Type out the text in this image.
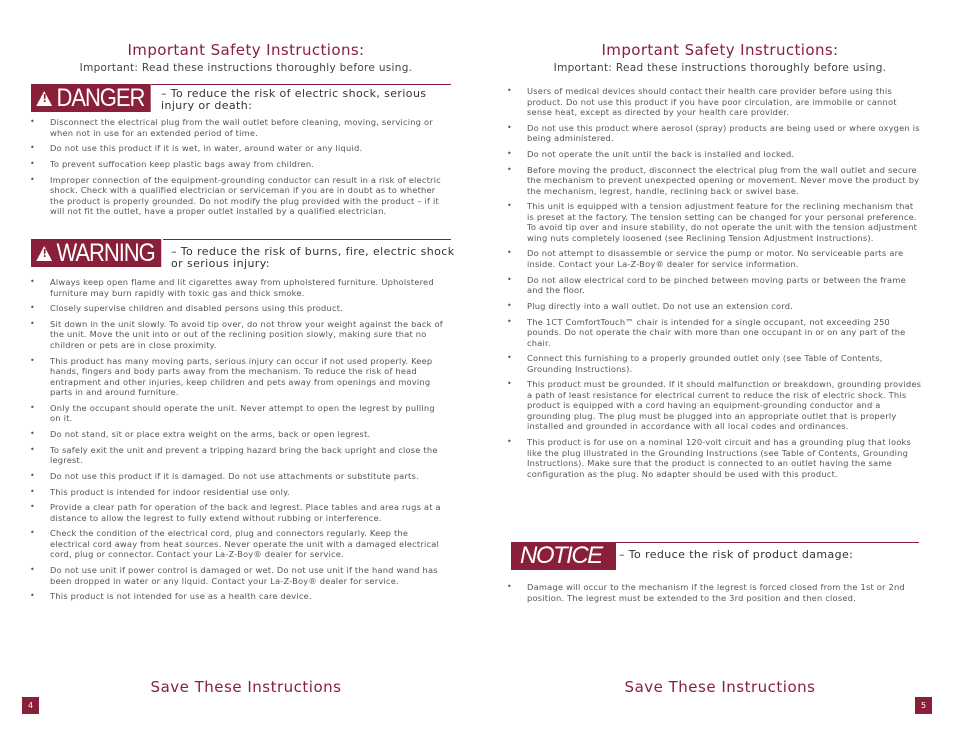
Important Safety Instructions:
Important: Read these instructions thoroughly before using.
!
DANGER – To reduce the risk of electric shock, serious injury or death:
• Disconnect the electrical plug from the wall outlet before cleaning, moving, servicing or when not in use for an extended period of time.
• Do not use this product if it is wet, in water, around water or any liquid.
• To prevent suffocation keep plastic bags away from children.
• Improper connection of the equipment-grounding conductor can result in a risk of electric shock. Check with a qualified electrician or serviceman if you are in doubt as to whether the product is properly grounded. Do not modify the plug provided with the product – if it will not fit the outlet, have a proper outlet installed by a qualified electrician.
!
WARNING – To reduce the risk of burns, fire, electric shock or serious injury:
• Always keep open flame and lit cigarettes away from upholstered furniture. Upholstered furniture may burn rapidly with toxic gas and thick smoke.
• Closely supervise children and disabled persons using this product.
• Sit down in the unit slowly. To avoid tip over, do not throw your weight against the back of the unit. Move the unit into or out of the reclining position slowly, making sure that no children or pets are in close proximity.
• This product has many moving parts, serious injury can occur if not used properly. Keep hands, fingers and body parts away from the mechanism. To reduce the risk of head entrapment and other injuries, keep children and pets away from openings and moving parts in and around furniture.
• Only the occupant should operate the unit. Never attempt to open the legrest by pulling on it.
• Do not stand, sit or place extra weight on the arms, back or open legrest.
• To safely exit the unit and prevent a tripping hazard bring the back upright and close the legrest.
• Do not use this product if it is damaged. Do not use attachments or substitute parts.
• This product is intended for indoor residential use only.
• Provide a clear path for operation of the back and legrest. Place tables and area rugs at a distance to allow the legrest to fully extend without rubbing or interference.
• Check the condition of the electrical cord, plug and connectors regularly. Keep the electrical cord away from heat sources. Never operate the unit with a damaged electrical cord, plug or connector. Contact your La-Z-Boy® dealer for service.
• Do not use unit if power control is damaged or wet. Do not use unit if the hand wand has been dropped in water or any liquid. Contact your La-Z-Boy® dealer for service.
• This product is not intended for use as a health care device.
Save These Instructions
4
Important Safety Instructions:
Important: Read these instructions thoroughly before using.
• Users of medical devices should contact their health care provider before using this product. Do not use this product if you have poor circulation, are immobile or cannot sense heat, except as directed by your health care provider.
• Do not use this product where aerosol (spray) products are being used or where oxygen is being administered.
• Do not operate the unit until the back is installed and locked.
• Before moving the product, disconnect the electrical plug from the wall outlet and secure the mechanism to prevent unexpected opening or movement. Never move the product by the mechanism, legrest, handle, reclining back or swivel base.
• This unit is equipped with a tension adjustment feature for the reclining mechanism that is preset at the factory. The tension setting can be changed for your personal preference. To avoid tip over and insure stability, do not operate the unit with the tension adjustment wing nuts completely loosened (see Reclining Tension Adjustment Instructions).
• Do not attempt to disassemble or service the pump or motor. No serviceable parts are inside. Contact your La-Z-Boy® dealer for service information.
• Do not allow electrical cord to be pinched between moving parts or between the frame and the floor.
• Plug directly into a wall outlet. Do not use an extension cord.
• The 1CT ComfortTouch™ chair is intended for a single occupant, not exceeding 250 pounds. Do not operate the chair with more than one occupant in or on any part of the chair.
• Connect this furnishing to a properly grounded outlet only (see Table of Contents, Grounding Instructions).
• This product must be grounded. If it should malfunction or breakdown, grounding provides a path of least resistance for electrical current to reduce the risk of electric shock. This product is equipped with a cord having an equipment-grounding conductor and a grounding plug. The plug must be plugged into an appropriate outlet that is properly installed and grounded in accordance with all local codes and ordinances.
• This product is for use on a nominal 120-volt circuit and has a grounding plug that looks like the plug illustrated in the Grounding Instructions (see Table of Contents, Grounding Instructions). Make sure that the product is connected to an outlet having the same configuration as the plug. No adapter should be used with this product.
NOTICE	– To reduce the risk of product damage:
• Damage will occur to the mechanism if the legrest is forced closed from the 1st or 2nd position. The legrest must be extended to the 3rd position and then closed.
Save These Instructions
5
